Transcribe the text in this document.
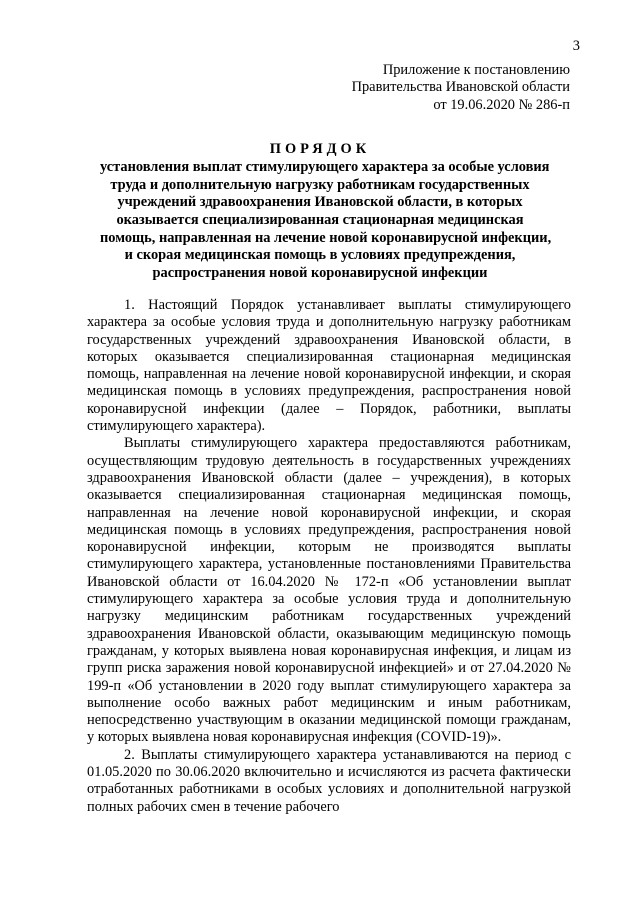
3
Приложение к постановлению
Правительства Ивановской области
от 19.06.2020 № 286-п
ПОРЯДОК
установления выплат стимулирующего характера за особые условия
труда и дополнительную нагрузку работникам государственных
учреждений здравоохранения Ивановской области, в которых
оказывается специализированная стационарная медицинская
помощь, направленная на лечение новой коронавирусной инфекции,
и скорая медицинская помощь в условиях предупреждения,
распространения новой коронавирусной инфекции

1. Настоящий Порядок устанавливает выплаты стимулирующего характера за особые условия труда и дополнительную нагрузку работникам государственных учреждений здравоохранения Ивановской области, в которых оказывается специализированная стационарная медицинская помощь, направленная на лечение новой коронавирусной инфекции, и скорая медицинская помощь в условиях предупреждения, распространения новой коронавирусной инфекции (далее – Порядок, работники, выплаты стимулирующего характера).

Выплаты стимулирующего характера предоставляются работникам, осуществляющим трудовую деятельность в государственных учреждениях здравоохранения Ивановской области (далее – учреждения), в которых оказывается специализированная стационарная медицинская помощь, направленная на лечение новой коронавирусной инфекции, и скорая медицинская помощь в условиях предупреждения, распространения новой коронавирусной инфекции, которым не производятся выплаты стимулирующего характера, установленные постановлениями Правительства Ивановской области от 16.04.2020 № 172-п «Об установлении выплат стимулирующего характера за особые условия труда и дополнительную нагрузку медицинским работникам государственных учреждений здравоохранения Ивановской области, оказывающим медицинскую помощь гражданам, у которых выявлена новая коронавирусная инфекция, и лицам из групп риска заражения новой коронавирусной инфекцией» и от 27.04.2020 № 199-п «Об установлении в 2020 году выплат стимулирующего характера за выполнение особо важных работ медицинским и иным работникам, непосредственно участвующим в оказании медицинской помощи гражданам, у которых выявлена новая коронавирусная инфекция (COVID-19)».

2. Выплаты стимулирующего характера устанавливаются на период с 01.05.2020 по 30.06.2020 включительно и исчисляются из расчета фактически отработанных работниками в особых условиях и дополнительной нагрузкой полных рабочих смен в течение рабочего
